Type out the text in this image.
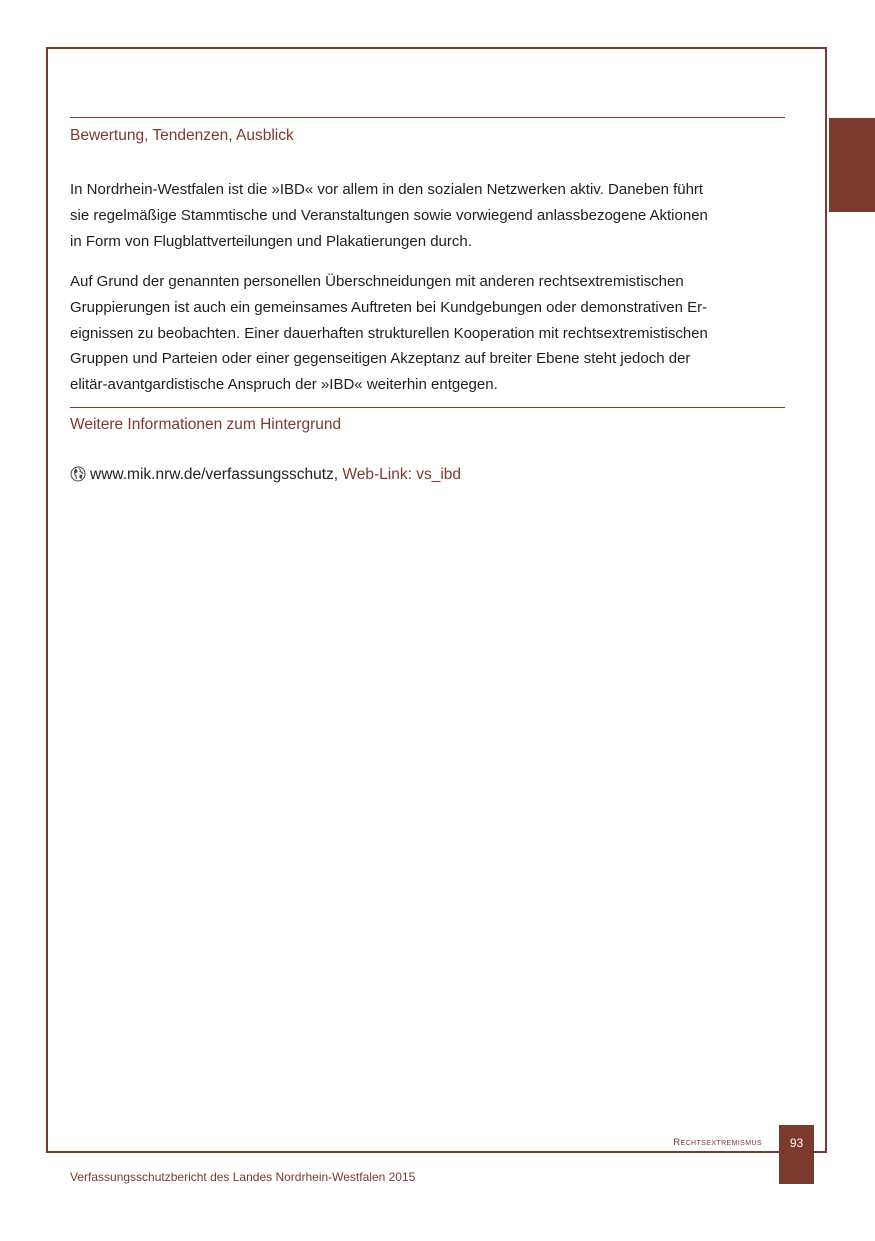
Bewertung, Tendenzen, Ausblick

In Nordrhein-Westfalen ist die »IBD« vor allem in den sozialen Netzwerken aktiv. Daneben führt
sie regelmäßige Stammtische und Veranstaltungen sowie vorwiegend anlassbezogene Aktionen
in Form von Flugblattverteilungen und Plakatierungen durch.

Auf Grund der genannten personellen Überschneidungen mit anderen rechtsextremistischen
Gruppierungen ist auch ein gemeinsames Auftreten bei Kundgebungen oder demonstrativen Er-
eignissen zu beobachten. Einer dauerhaften strukturellen Kooperation mit rechtsextremistischen
Gruppen und Parteien oder einer gegenseitigen Akzeptanz auf breiter Ebene steht jedoch der
elitär-avantgardistische Anspruch der »IBD« weiterhin entgegen.

Weitere Informationen zum Hintergrund

www.mik.nrw.de/verfassungsschutz, Web-Link: vs_ibd

Rechtsextremismus	93
Verfassungsschutzbericht des Landes Nordrhein-Westfalen 2015
